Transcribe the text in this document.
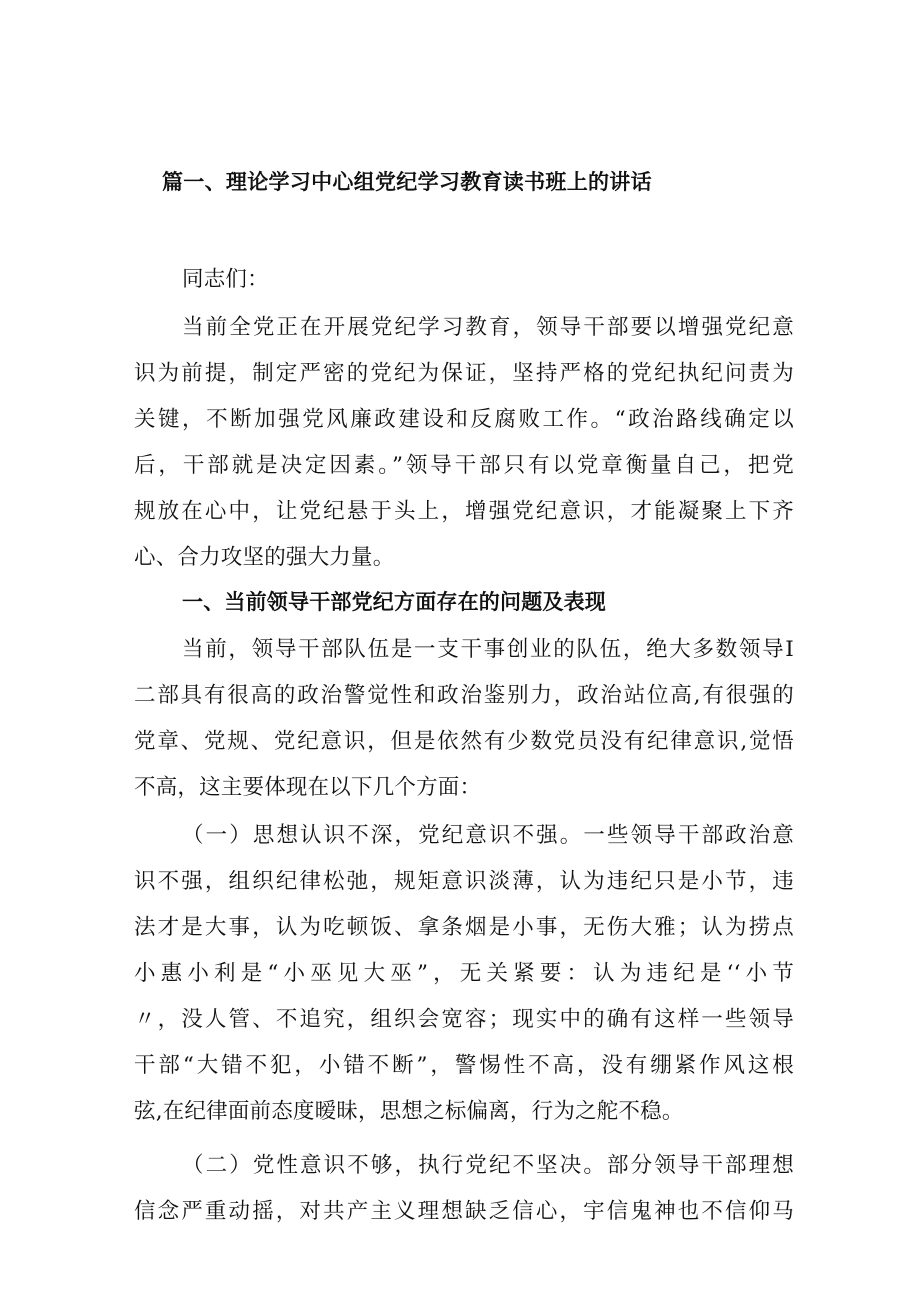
篇一、理论学习中心组党纪学习教育读书班上的讲话
同志们：
当前全党正在开展党纪学习教育，领导干部要以增强党纪意
识为前提，制定严密的党纪为保证，坚持严格的党纪执纪问责为
关键，不断加强党风廉政建设和反腐败工作。“政治路线确定以
后，干部就是决定因素。”领导干部只有以党章衡量自己，把党
规放在心中，让党纪悬于头上，增强党纪意识，才能凝聚上下齐
心、合力攻坚的强大力量。
一、当前领导干部党纪方面存在的问题及表现
当前，领导干部队伍是一支干事创业的队伍，绝大多数领导I
二部具有很高的政治警觉性和政治鉴别力，政治站位高,有很强的
党章、党规、党纪意识，但是依然有少数党员没有纪律意识,觉悟
不高，这主要体现在以下几个方面：
（一）思想认识不深，党纪意识不强。一些领导干部政治意
识不强，组织纪律松弛，规矩意识淡薄，认为违纪只是小节，违
法才是大事，认为吃顿饭、拿条烟是小事，无伤大雅；认为捞点
小惠小利是“小巫见大巫”，无关紧要：认为违纪是‘‘小节
〃，没人管、不追究，组织会宽容；现实中的确有这样一些领导
干部“大错不犯，小错不断”，警惕性不高，没有绷紧作风这根
弦,在纪律面前态度暧昧，思想之标偏离，行为之舵不稳。
（二）党性意识不够，执行党纪不坚决。部分领导干部理想
信念严重动摇，对共产主义理想缺乏信心，宇信鬼神也不信仰马
